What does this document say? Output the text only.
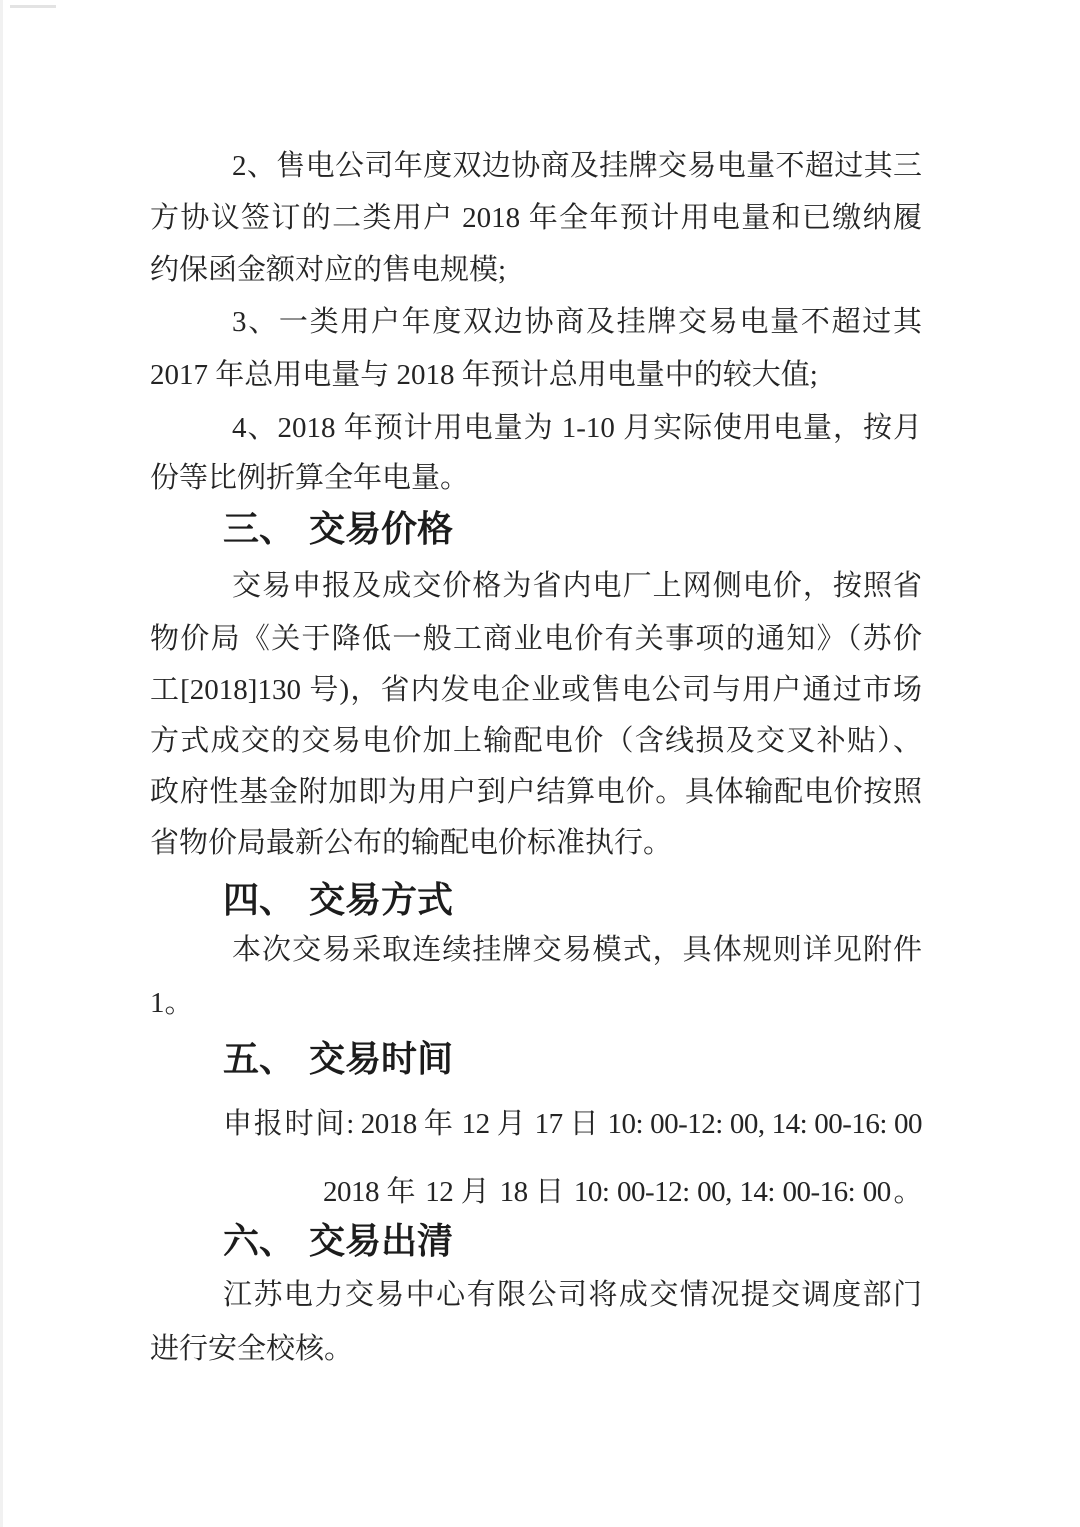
2、售电公司年度双边协商及挂牌交易电量不超过其三
方协议签订的二类用户 2018 年全年预计用电量和已缴纳履
约保函金额对应的售电规模;
3、一类用户年度双边协商及挂牌交易电量不超过其
2017 年总用电量与 2018 年预计总用电量中的较大值;
4、2018 年预计用电量为 1-10 月实际使用电量，按月
份等比例折算全年电量。
三、 交易价格
交易申报及成交价格为省内电厂上网侧电价，按照省
物价局《关于降低一般工商业电价有关事项的通知》（苏价
工[2018]130 号)，省内发电企业或售电公司与用户通过市场
方式成交的交易电价加上输配电价（含线损及交叉补贴）、
政府性基金附加即为用户到户结算电价。具体输配电价按照
省物价局最新公布的输配电价标准执行。
四、 交易方式
本次交易采取连续挂牌交易模式，具体规则详见附件
1。
五、 交易时间
申报时间: 2018 年 12 月 17 日 10: 00-12: 00, 14: 00-16: 00
2018 年 12 月 18 日 10: 00-12: 00, 14: 00-16: 00。
六、 交易出清
江苏电力交易中心有限公司将成交情况提交调度部门
进行安全校核。
